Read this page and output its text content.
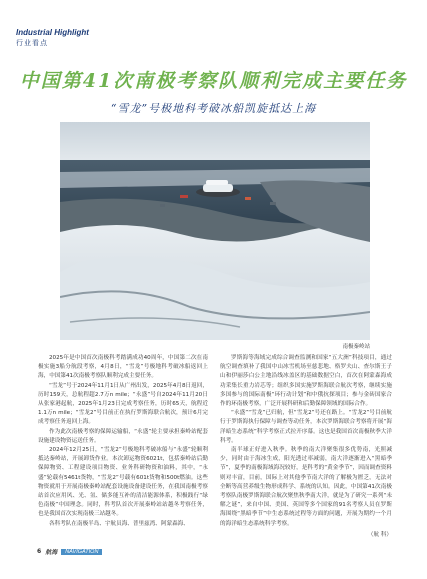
Industrial Highlight
行业看点
中国第41次南极考察队顺利完成主要任务
“雪龙”号极地科考破冰船凯旋抵达上海
南极秦岭站

2025年是中国首次南极科考踏满成功40周年，中国第二次在南极实施3船分航段考察，4月8日，“雪龙”号极地科考破冰船返回上海，中国第41次南极考察队顺利完成主要任务。

“雪龙”号于2024年11月1日从广州出发，2025年4月8日返回，历时159天，总航程超2.7万n mile；“永盛”号自2024年11月20日从张家港起航，2025年1月23日完成考察任务，历时65天，航程近1.1万n mile；“雪龙2”号目前正在执行罗斯海联合航次，预计6月完成考察任务返回上海。

作为此次南极考察的保障运输船，“永盛”轮主要承担秦岭站配套设施建设物资运送任务。

2024年12月25日，“雪龙2”号极地科考破冰船与“永盛”轮顺利抵达秦岭站，开展卸货作业。本次卸运物资6021t，包括秦岭站后勤保障物资、工程建设项目物资、业务科研物资和油料，其中，“永盛”轮载有5461t货物，“雪龙2”号载有601t货物和500t燃油。这些物资就用于开展南极秦岭站配套设施设备建设任务，在我国南极考察站首次应用风、光、氢、储多能互补的清洁能源体系，积极践行“绿色南极”中国理念。同时，科考队首次开展秦岭站站越冬考察任务，也是我国首次实现南极三站越冬。

各科考队在南极半岛、宇航员海、普里兹湾、阿蒙森海、

罗斯海等海域完成综合调查监测和国家“五大洲”科技项目，通过航空调查填补了我国中山冰雪机场至慈悲地、格罗夫山、查尔斯王子山和伊丽莎白公主地沿线冰盖区的基础数据空白，首次在阿蒙森海成功采集长重力岩芯等；组织多国实施罗斯海联合航次考察，继续实施多国参与的国际南极“环行动计划”和中俄抗探项目；参与金砖国家合作的环南极考察，广泛开展科研和后勤保障领域的国际合作。

“永盛”“雪龙”已归航，但“雪龙2”号还在路上。“雪龙2”号目前航行于罗斯海执行保障与调查等动任务，本次罗斯海联合考察将开展“海洋暗生态系统”科学考察正式拉开序幕。这也是我国首次南极秋季大洋科考。

南半球正好进入秋季。秋季的南大洋聚集很多优势南，光照减少，同时由于海冰生成，阳光透过率减弱，南大洋逐渐进入“黑暗季节”，夏季的南极海域海况较好，是科考的“黄金季节”，因而调查资料则对丰富，目前，国际上对其他季节南大洋的了解极为匮乏，无法对全断等高营养级生物形成科学、系统的认知。因此，中国第41次南极考察队南极罗斯海联合航次聚焦秋季南大洋，就是为了研究一系列“未解之谜”，来自中国、美国、英国等多个国家的91名考察人员在罗斯海围绕“黑暗季节”中生态系统过程等方面的问题，开展为期约一个月的海洋暗生态系统科学考察。

（航 科）
6 航海	NAVIGATION
